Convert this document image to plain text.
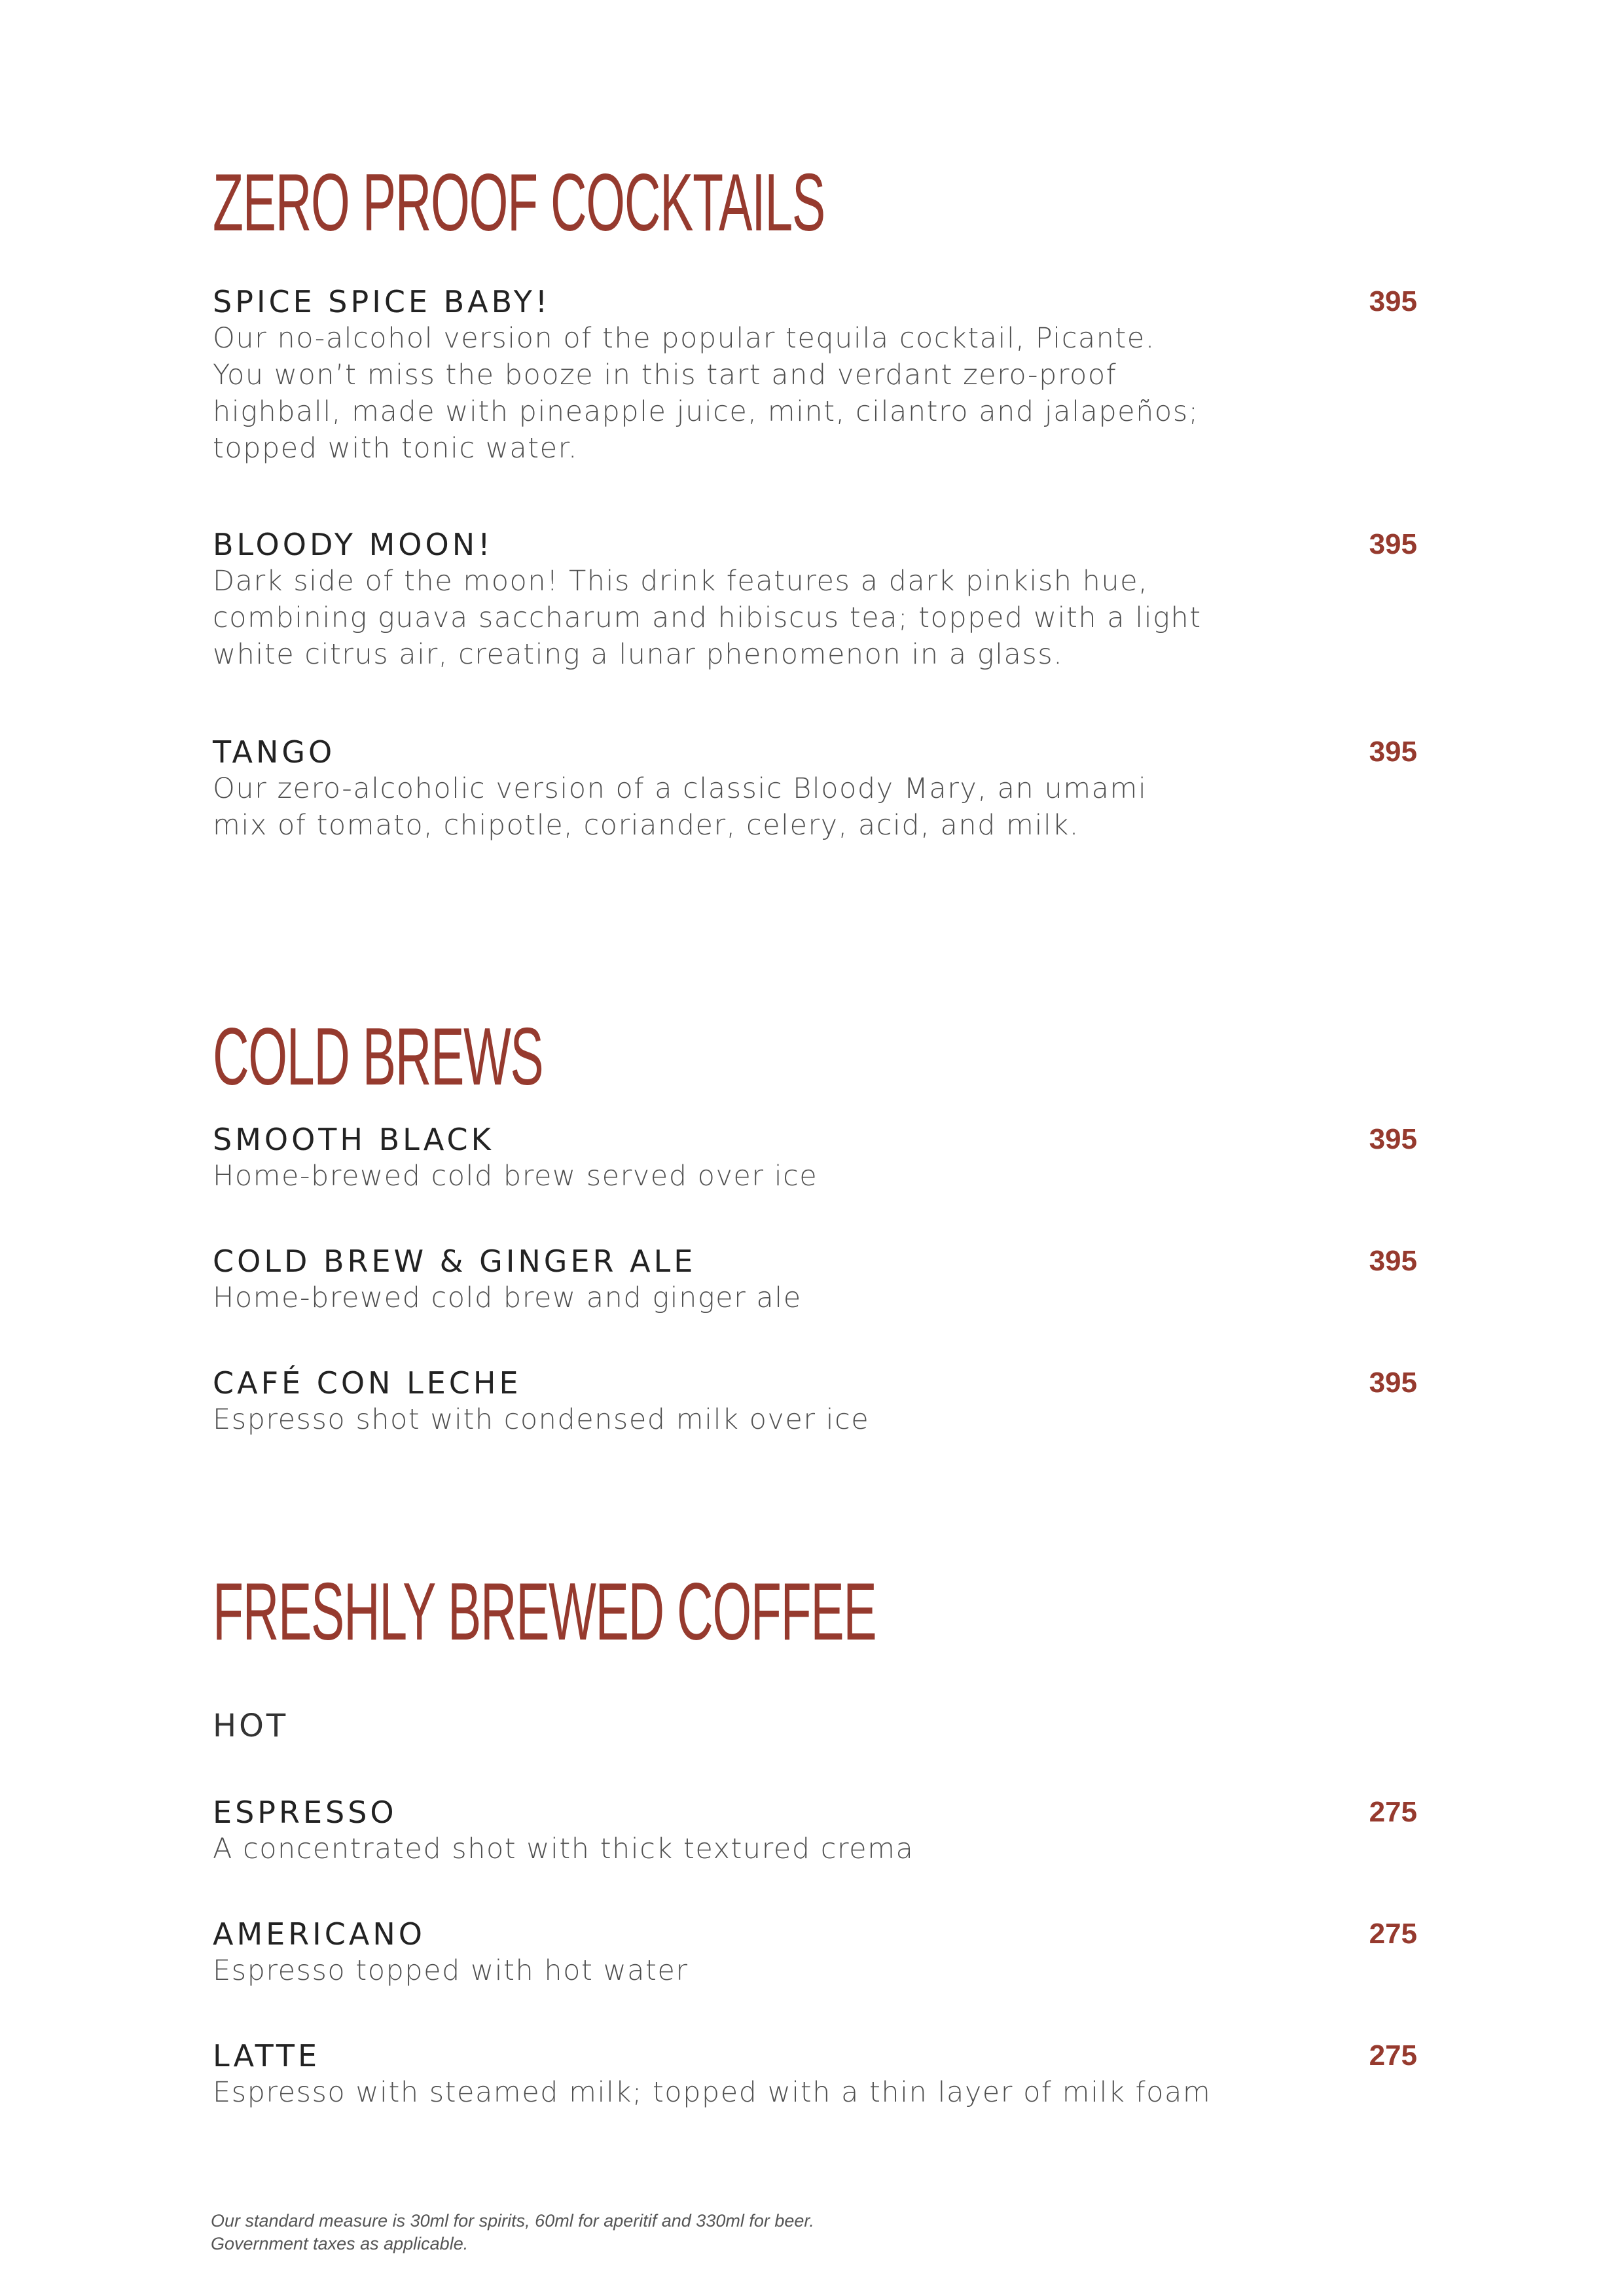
ZERO PROOF COCKTAILS
SPICE SPICE BABY!	395
Our no-alcohol version of the popular tequila cocktail, Picante.
You won’t miss the booze in this tart and verdant zero-proof
highball, made with pineapple juice, mint, cilantro and jalapeños;
topped with tonic water.
BLOODY MOON!	395
Dark side of the moon! This drink features a dark pinkish hue,
combining guava saccharum and hibiscus tea; topped with a light
white citrus air, creating a lunar phenomenon in a glass.
TANGO	395
Our zero-alcoholic version of a classic Bloody Mary, an umami
mix of tomato, chipotle, coriander, celery, acid, and milk.
COLD BREWS
SMOOTH BLACK	395
Home-brewed cold brew served over ice
COLD BREW & GINGER ALE	395
Home-brewed cold brew and ginger ale
CAFÉ CON LECHE	395
Espresso shot with condensed milk over ice
FRESHLY BREWED COFFEE
HOT
ESPRESSO	275
A concentrated shot with thick textured crema
AMERICANO	275
Espresso topped with hot water
LATTE	275
Espresso with steamed milk; topped with a thin layer of milk foam
Our standard measure is 30ml for spirits, 60ml for aperitif and 330ml for beer.
Government taxes as applicable.
